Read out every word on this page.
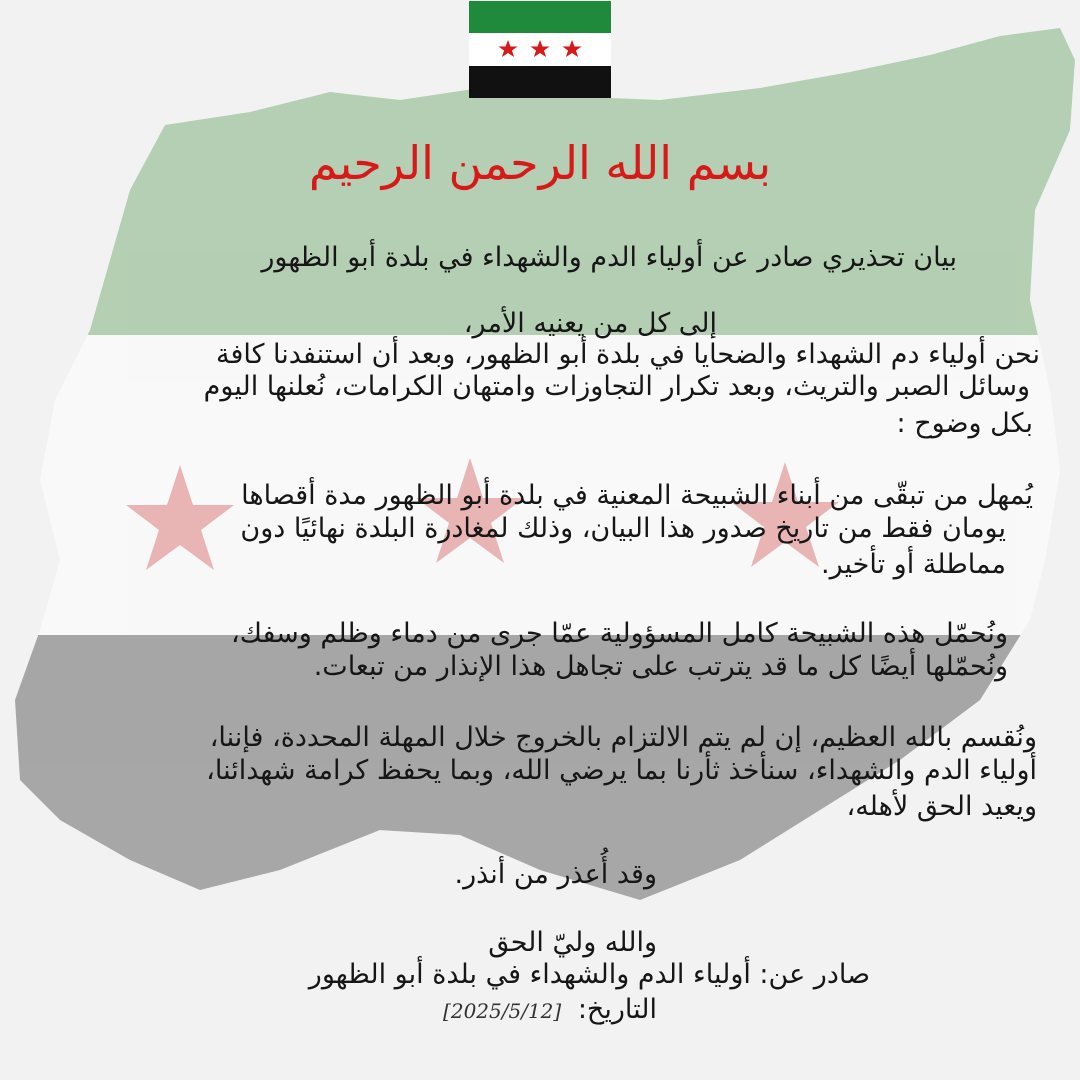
بسم الله الرحمن الرحيم

بيان تحذيري صادر عن أولياء الدم والشهداء في بلدة أبو الظهور

إلى كل من يعنيه الأمر،

نحن أولياء دم الشهداء والضحايا في بلدة أبو الظهور، وبعد أن استنفدنا كافة

وسائل الصبر والتريث، وبعد تكرار التجاوزات وامتهان الكرامات، نُعلنها اليوم

بكل وضوح :

يُمهل من تبقّى من أبناء الشبيحة المعنية في بلدة أبو الظهور مدة أقصاها

يومان فقط من تاريخ صدور هذا البيان، وذلك لمغادرة البلدة نهائيًا دون

مماطلة أو تأخير.

ونُحمّل هذه الشبيحة كامل المسؤولية عمّا جرى من دماء وظلم وسفك،

ونُحمّلها أيضًا كل ما قد يترتب على تجاهل هذا الإنذار من تبعات.

ونُقسم بالله العظيم، إن لم يتم الالتزام بالخروج خلال المهلة المحددة، فإننا،

أولياء الدم والشهداء، سنأخذ ثأرنا بما يرضي الله، وبما يحفظ كرامة شهدائنا،

ويعيد الحق لأهله،

وقد أُعذر من أنذر.

والله وليّ الحق

صادر عن: أولياء الدم والشهداء في بلدة أبو الظهور

التاريخ: [2025/5/12]
